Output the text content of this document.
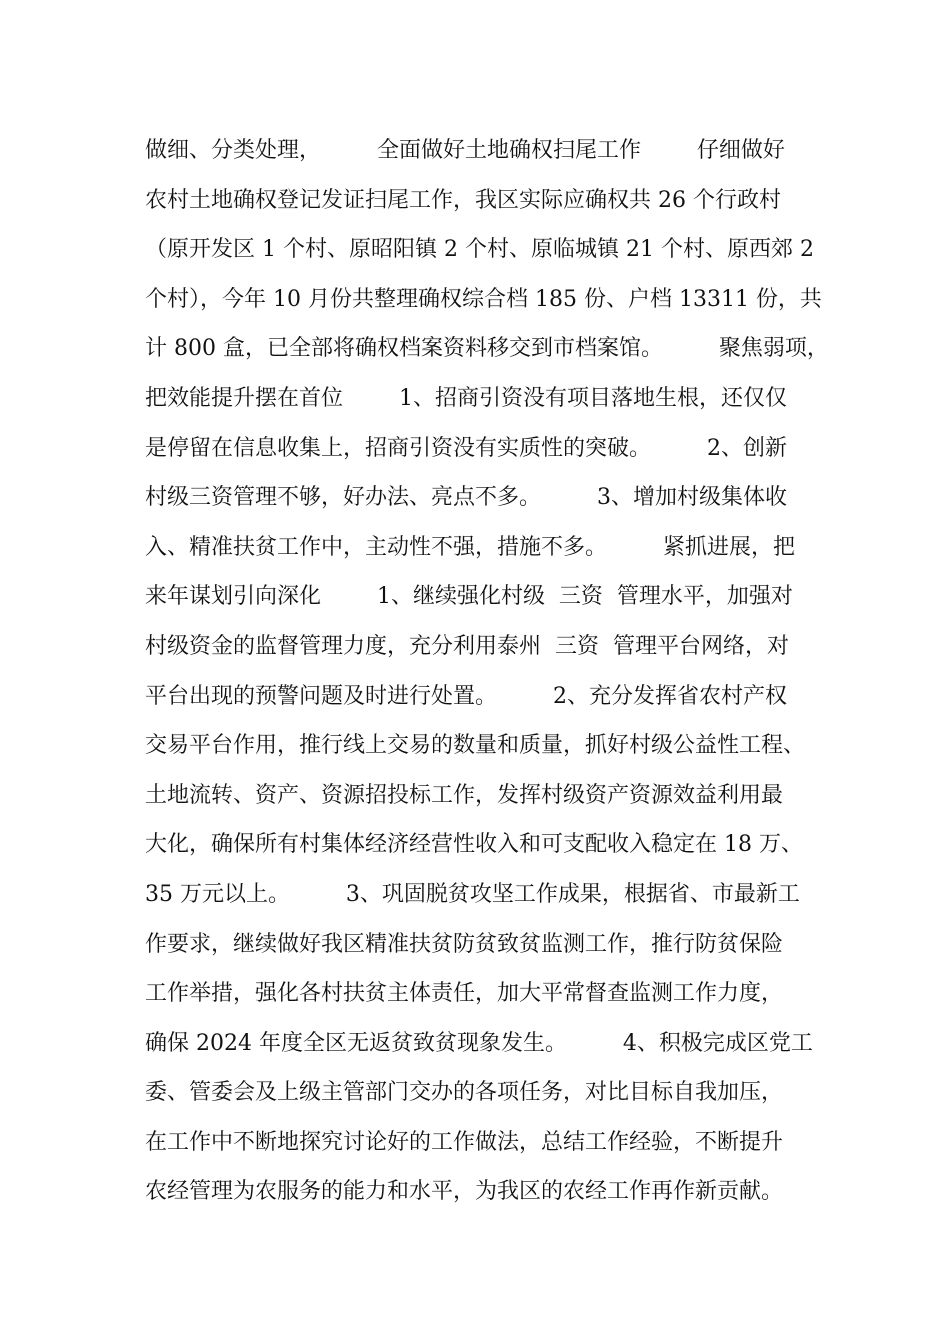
做细、分类处理，        全面做好土地确权扫尾工作        仔细做好
农村土地确权登记发证扫尾工作，我区实际应确权共 26 个行政村
（原开发区 1 个村、原昭阳镇 2 个村、原临城镇 21 个村、原西郊 2
个村），今年 10 月份共整理确权综合档 185 份、户档 13311 份，共
计 800 盒，已全部将确权档案资料移交到市档案馆。        聚焦弱项，
把效能提升摆在首位        1、招商引资没有项目落地生根，还仅仅
是停留在信息收集上，招商引资没有实质性的突破。        2、创新
村级三资管理不够，好办法、亮点不多。        3、增加村级集体收
入、精准扶贫工作中，主动性不强，措施不多。        紧抓进展，把
来年谋划引向深化        1、继续强化村级  三资  管理水平，加强对
村级资金的监督管理力度，充分利用泰州  三资  管理平台网络，对
平台出现的预警问题及时进行处置。        2、充分发挥省农村产权
交易平台作用，推行线上交易的数量和质量，抓好村级公益性工程、
土地流转、资产、资源招投标工作，发挥村级资产资源效益利用最
大化，确保所有村集体经济经营性收入和可支配收入稳定在 18 万、
35 万元以上。        3、巩固脱贫攻坚工作成果，根据省、市最新工
作要求，继续做好我区精准扶贫防贫致贫监测工作，推行防贫保险
工作举措，强化各村扶贫主体责任，加大平常督查监测工作力度，
确保 2024 年度全区无返贫致贫现象发生。        4、积极完成区党工
委、管委会及上级主管部门交办的各项任务，对比目标自我加压，
在工作中不断地探究讨论好的工作做法，总结工作经验，不断提升
农经管理为农服务的能力和水平，为我区的农经工作再作新贡献。
